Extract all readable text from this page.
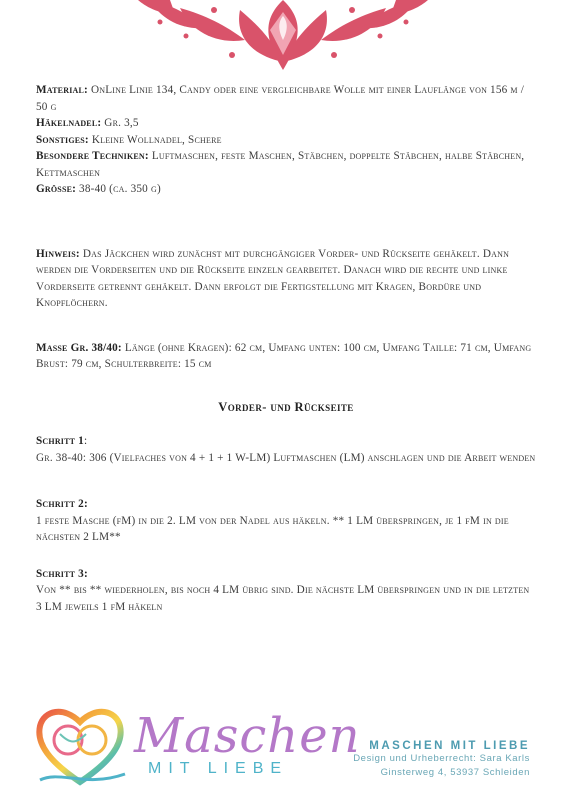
Material: OnLine Linie 134, Candy oder eine vergleichbare Wolle mit einer Lauflänge von 156 m / 50 g

Häkelnadel: Gr. 3,5

Sonstiges: Kleine Wollnadel, Schere

Besondere Techniken: Luftmaschen, feste Maschen, Stäbchen, doppelte Stäbchen, halbe Stäbchen, Kettmaschen

Grösse: 38-40 (ca. 350 g)

Hinweis: Das Jäckchen wird zunächst mit durchgängiger Vorder- und Rückseite gehäkelt. Dann werden die Vorderseiten und die Rückseite einzeln gearbeitet. Danach wird die rechte und linke Vorderseite getrennt gehäkelt. Dann erfolgt die Fertigstellung mit Kragen, Bordüre und Knopflöchern.

Masse Gr. 38/40: Länge (ohne Kragen): 62 cm, Umfang unten: 100 cm, Umfang Taille: 71 cm, Umfang Brust: 79 cm, Schulterbreite: 15 cm

Vorder- und Rückseite

Schritt 1:

Gr. 38-40: 306 (Vielfaches von 4 + 1 + 1 W-LM) Luftmaschen (LM) anschlagen und die Arbeit wenden

Schritt 2:

1 feste Masche (fM) in die 2. LM von der Nadel aus häkeln. ** 1 LM überspringen, je 1 fM in die nächsten 2 LM**

Schritt 3:

Von ** bis ** wiederholen, bis noch 4 LM übrig sind. Die nächste LM überspringen und in die letzten 3 LM jeweils 1 fM häkeln

Maschen
MIT LIEBE
MASCHEN MIT LIEBE
Design und Urheberrecht: Sara Karls
Ginsterweg 4, 53937 Schleiden
